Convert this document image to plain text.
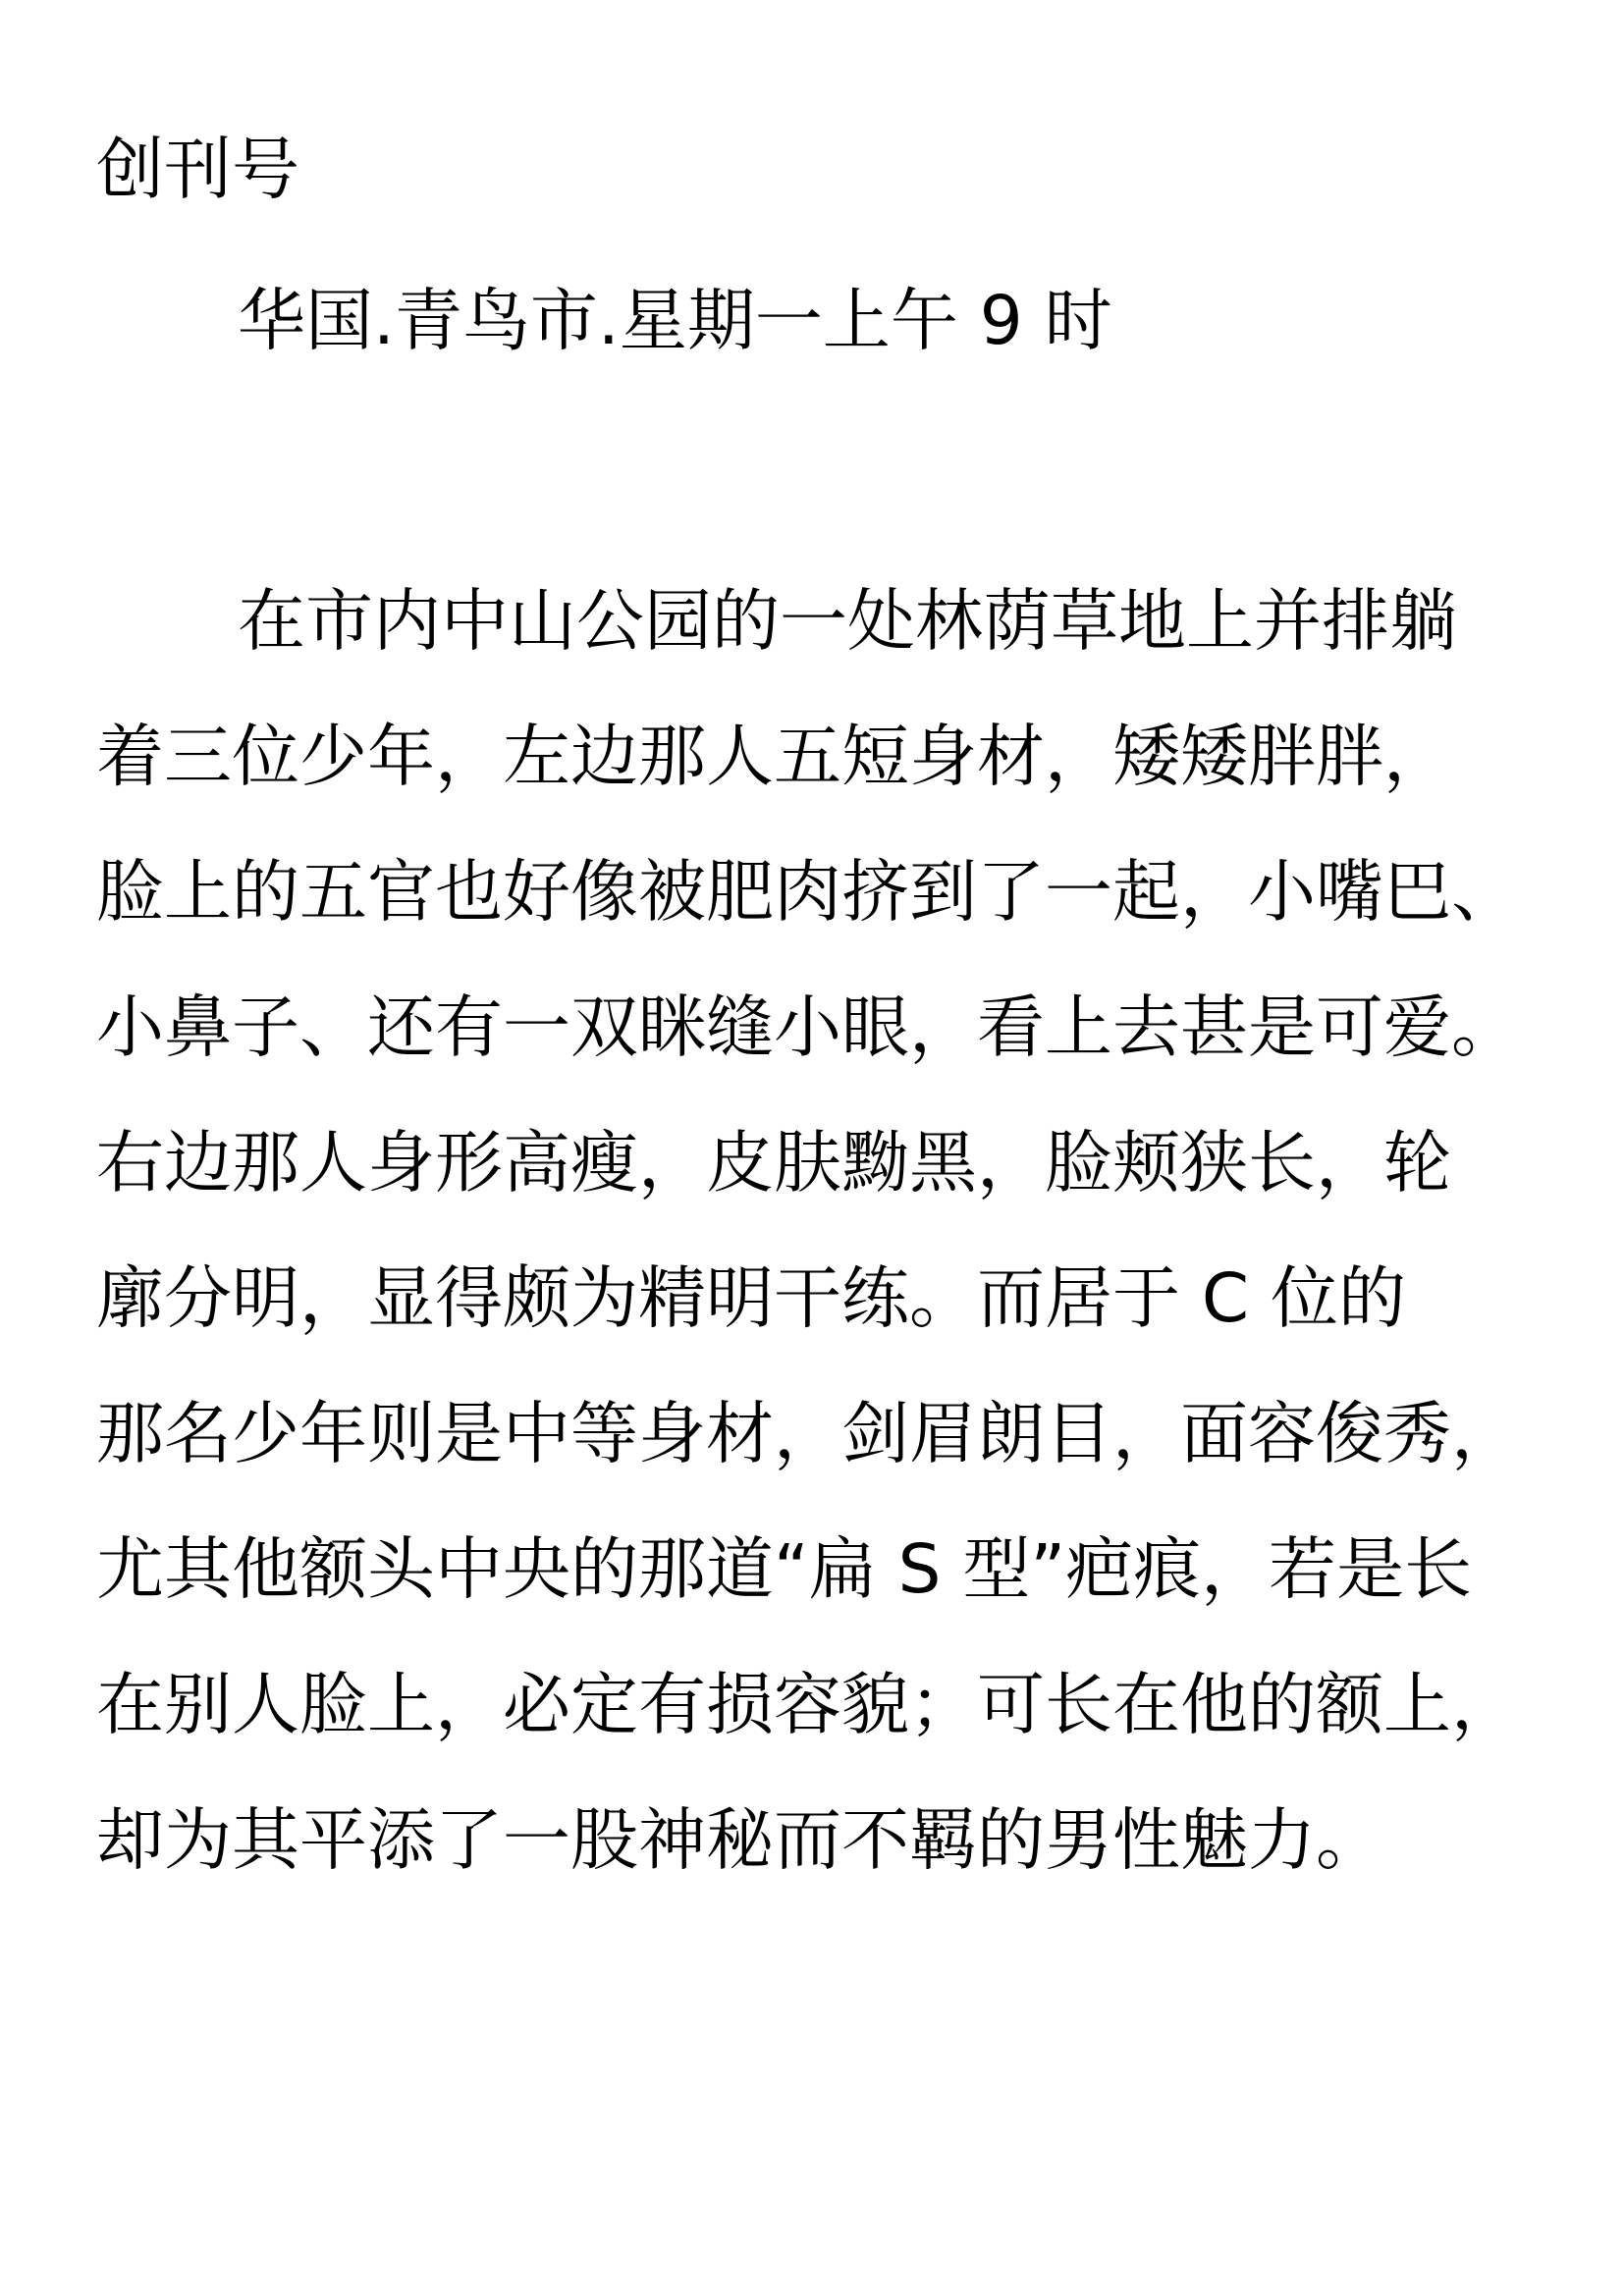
创刊号
华国.青鸟市.星期一上午 9 时
在市内中山公园的一处林荫草地上并排躺
着三位少年，左边那人五短身材，矮矮胖胖，
脸上的五官也好像被肥肉挤到了一起，小嘴巴、
小鼻子、还有一双眯缝小眼，看上去甚是可爱。
右边那人身形高瘦，皮肤黝黑，脸颊狭长，轮
廓分明，显得颇为精明干练。而居于 C 位的
那名少年则是中等身材，剑眉朗目，面容俊秀，
尤其他额头中央的那道“扁 S 型”疤痕，若是长
在别人脸上，必定有损容貌；可长在他的额上，
却为其平添了一股神秘而不羁的男性魅力。
